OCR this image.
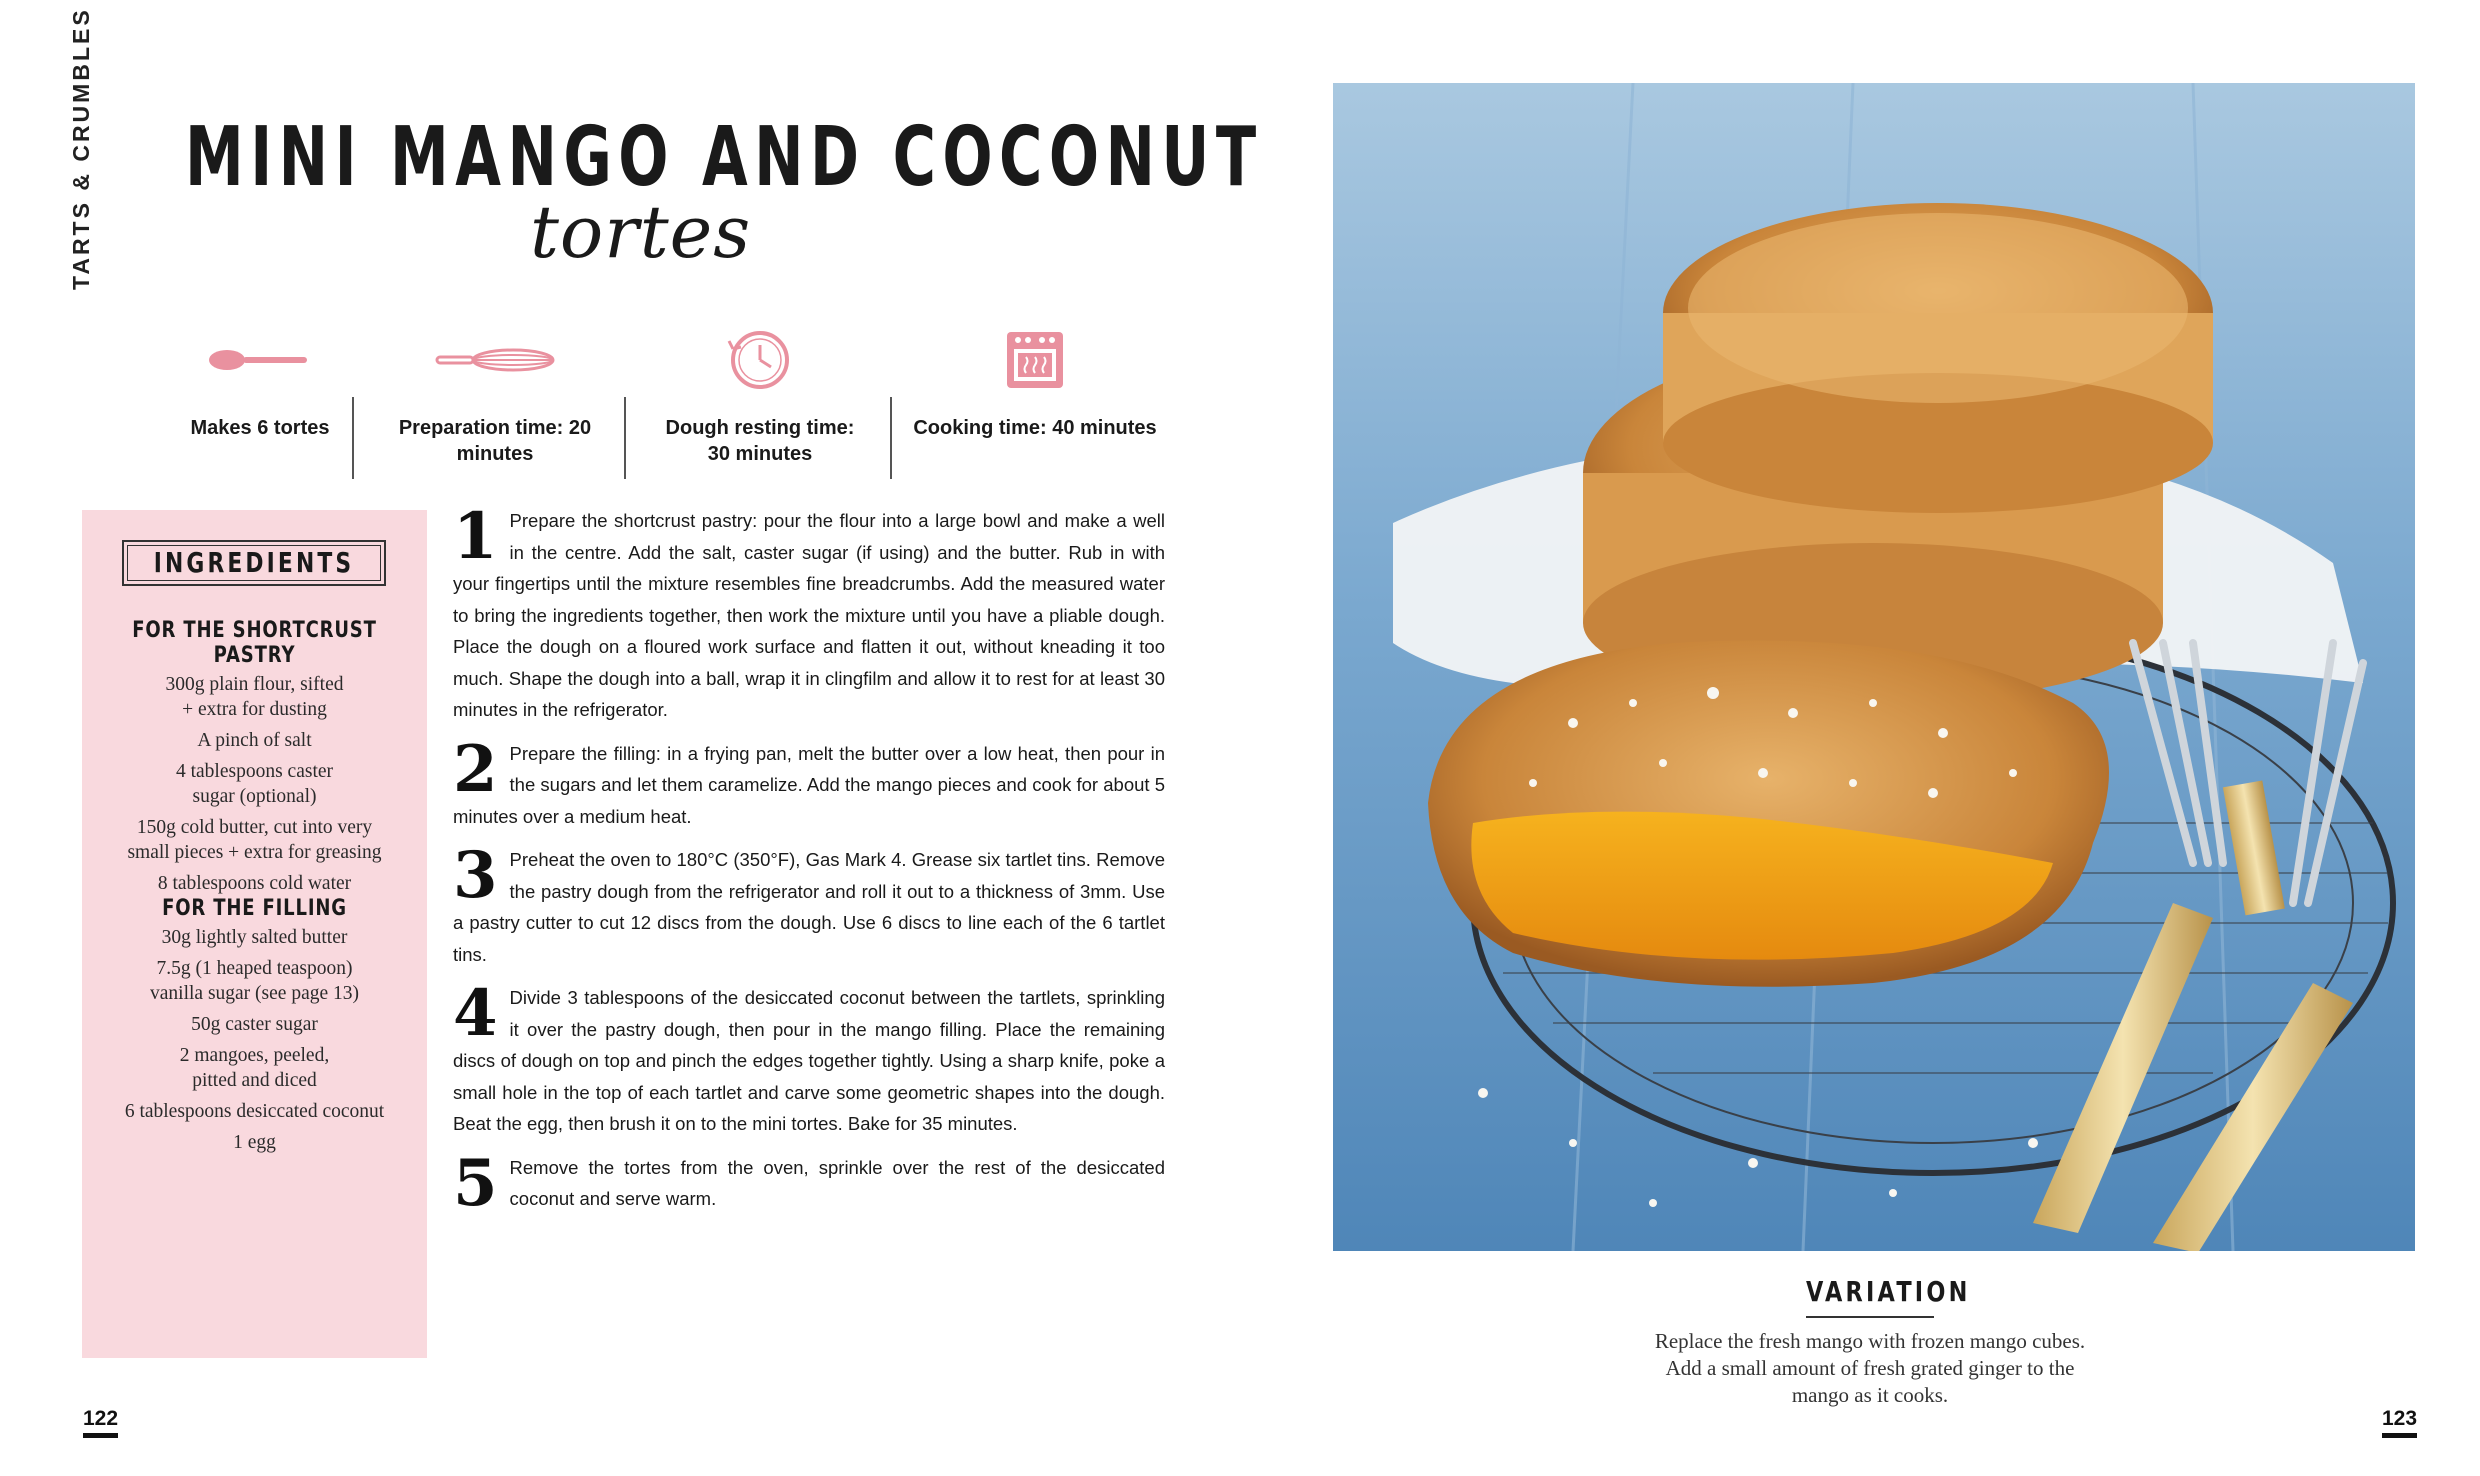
TARTS & CRUMBLES MINI MANGO AND COCONUT
tortes
Makes 6 tortes	Preparation time: 20 minutes
Dough resting time:
30 minutes
Cooking time: 40 minutes
INGREDIENTS
FOR THE SHORTCRUST PASTRY
300g plain flour, sifted
+ extra for dusting
A pinch of salt
4 tablespoons caster
sugar (optional)
150g cold butter, cut into very
small pieces + extra for greasing
8 tablespoons cold water
FOR THE FILLING
30g lightly salted butter
7.5g (1 heaped teaspoon)
vanilla sugar (see page 13)
50g caster sugar
2 mangoes, peeled,
pitted and diced
6 tablespoons desiccated coconut
1 egg
1 Prepare the shortcrust pastry: pour the flour into a large bowl and make a well in the centre. Add the salt, caster sugar (if using) and the butter. Rub in with your fingertips until the mixture resembles fine breadcrumbs. Add the measured water to bring the ingredients together, then work the mixture until you have a pliable dough. Place the dough on a floured work surface and flatten it out, without kneading it too much. Shape the dough into a ball, wrap it in clingfilm and allow it to rest for at least 30 minutes in the refrigerator.
2 Prepare the filling: in a frying pan, melt the butter over a low heat, then pour in the sugars and let them caramelize. Add the mango pieces and cook for about 5 minutes over a medium heat.
3 Preheat the oven to 180°C (350°F), Gas Mark 4. Grease six tartlet tins. Remove the pastry dough from the refrigerator and roll it out to a thickness of 3mm. Use a pastry cutter to cut 12 discs from the dough. Use 6 discs to line each of the 6 tartlet tins.
4 Divide 3 tablespoons of the desiccated coconut between the tartlets, sprinkling it over the pastry dough, then pour in the mango filling. Place the remaining discs of dough on top and pinch the edges together tightly. Using a sharp knife, poke a small hole in the top of each tartlet and carve some geometric shapes into the dough. Beat the egg, then brush it on to the mini tortes. Bake for 35 minutes.
5 Remove the tortes from the oven, sprinkle over the rest of the desiccated coconut and serve warm.
122
VARIATION
Replace the fresh mango with frozen mango cubes.
Add a small amount of fresh grated ginger to the
mango as it cooks.
123
